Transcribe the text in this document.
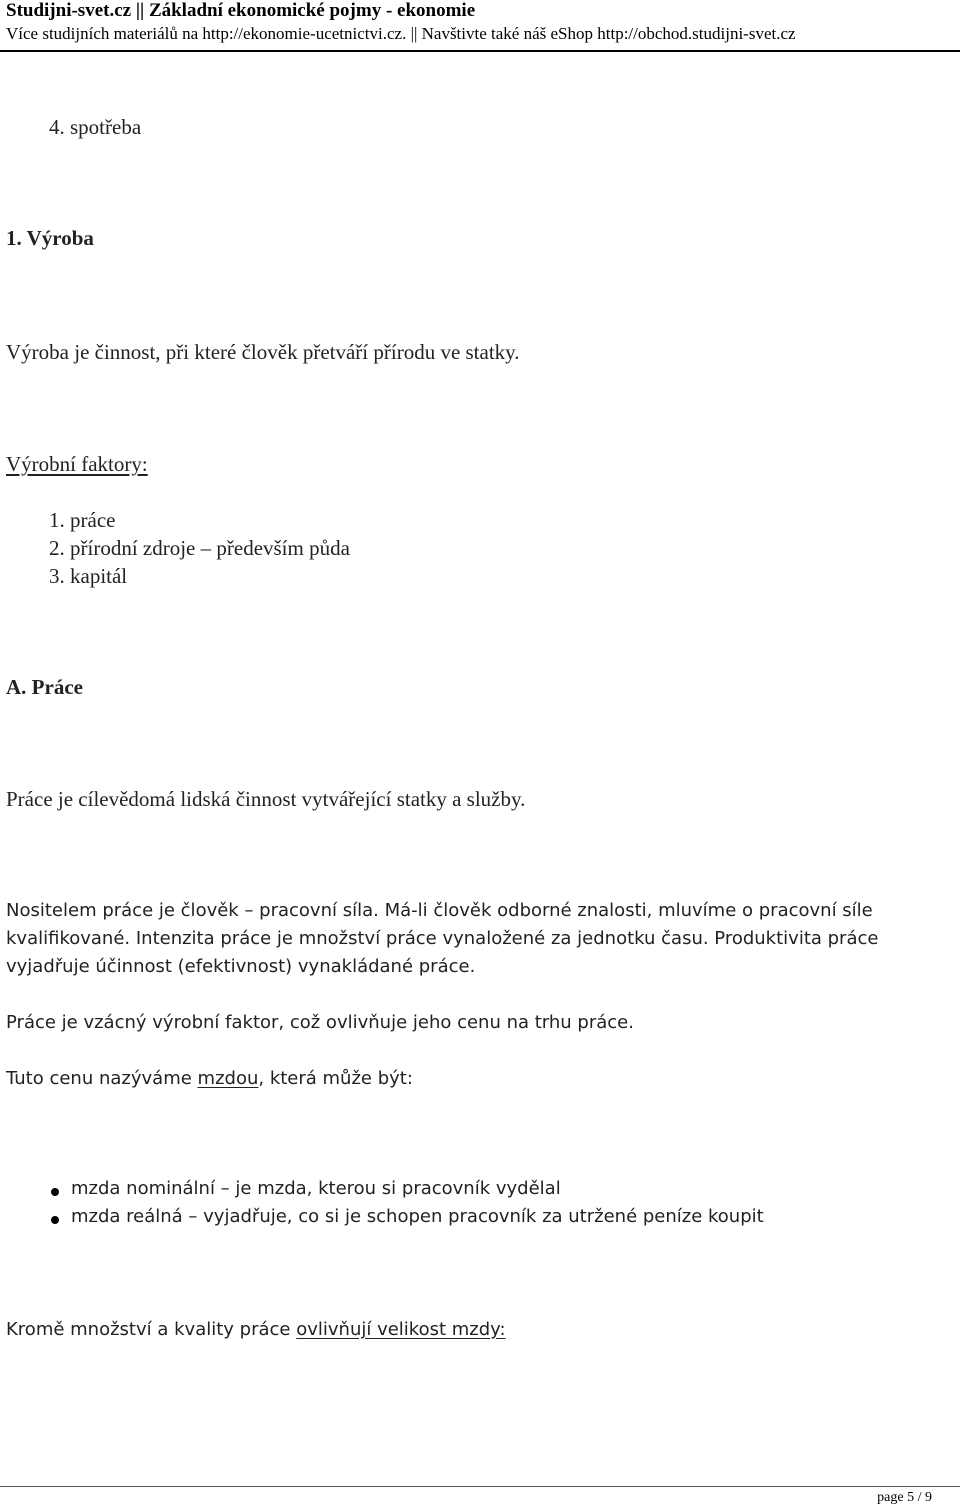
Studijni-svet.cz || Základní ekonomické pojmy - ekonomie
Více studijních materiálů na http://ekonomie-ucetnictvi.cz. || Navštivte také náš eShop http://obchod.studijni-svet.cz
4. spotřeba
1. Výroba
Výroba je činnost, při které člověk přetváří přírodu ve statky.
Výrobní faktory:
1. práce
2. přírodní zdroje – především půda
3. kapitál
A. Práce
Práce je cílevědomá lidská činnost vytvářející statky a služby.
Nositelem práce je člověk – pracovní síla. Má-li člověk odborné znalosti, mluvíme o pracovní síle
kvalifikované. Intenzita práce je množství práce vynaložené za jednotku času. Produktivita práce
vyjadřuje účinnost (efektivnost) vynakládané práce.
Práce je vzácný výrobní faktor, což ovlivňuje jeho cenu na trhu práce.
Tuto cenu nazýváme mzdou, která může být:
mzda nominální – je mzda, kterou si pracovník vydělal
mzda reálná – vyjadřuje, co si je schopen pracovník za utržené peníze koupit
Kromě množství a kvality práce ovlivňují velikost mzdy:
page 5 / 9
